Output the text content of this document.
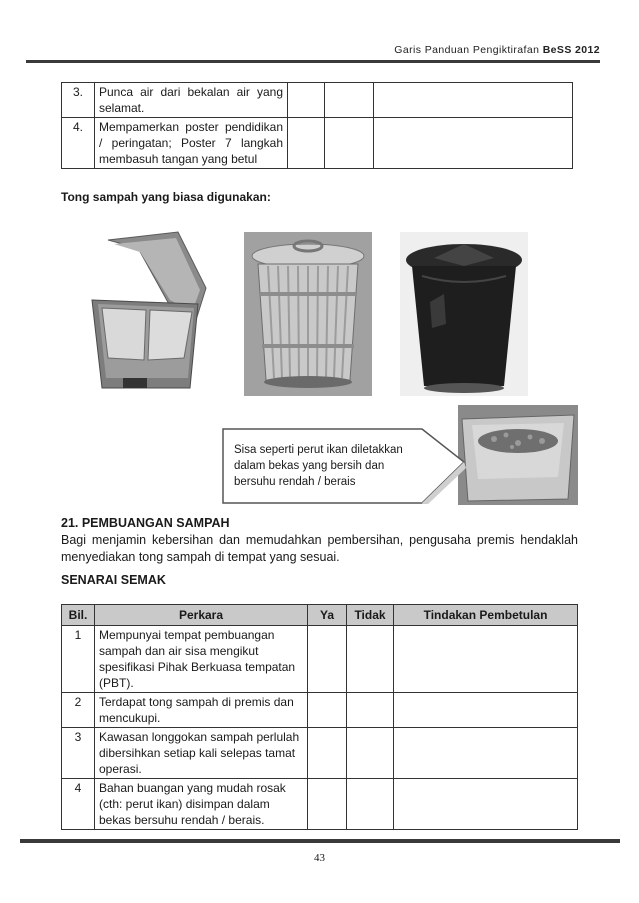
Garis Panduan Pengiktirafan BeSS 2012
3.	Punca air dari bekalan air yang selamat.			
4.	Mempamerkan poster pendidikan / peringatan; Poster 7 langkah membasuh tangan yang betul			
Tong sampah yang biasa digunakan:
Sisa seperti perut ikan diletakkan dalam bekas yang bersih dan bersuhu rendah / berais
21. PEMBUANGAN SAMPAH
Bagi menjamin kebersihan dan memudahkan pembersihan, pengusaha premis hendaklah menyediakan tong sampah di tempat yang sesuai.
SENARAI SEMAK
Bil.	Perkara	Ya	Tidak	Tindakan Pembetulan
1	Mempunyai tempat pembuangan sampah dan air sisa mengikut spesifikasi Pihak Berkuasa tempatan (PBT).			
2	Terdapat tong sampah di premis dan mencukupi.			
3	Kawasan longgokan sampah perlulah dibersihkan setiap kali selepas tamat operasi.			
4	Bahan buangan yang mudah rosak (cth: perut ikan) disimpan dalam bekas bersuhu rendah / berais.			
43
